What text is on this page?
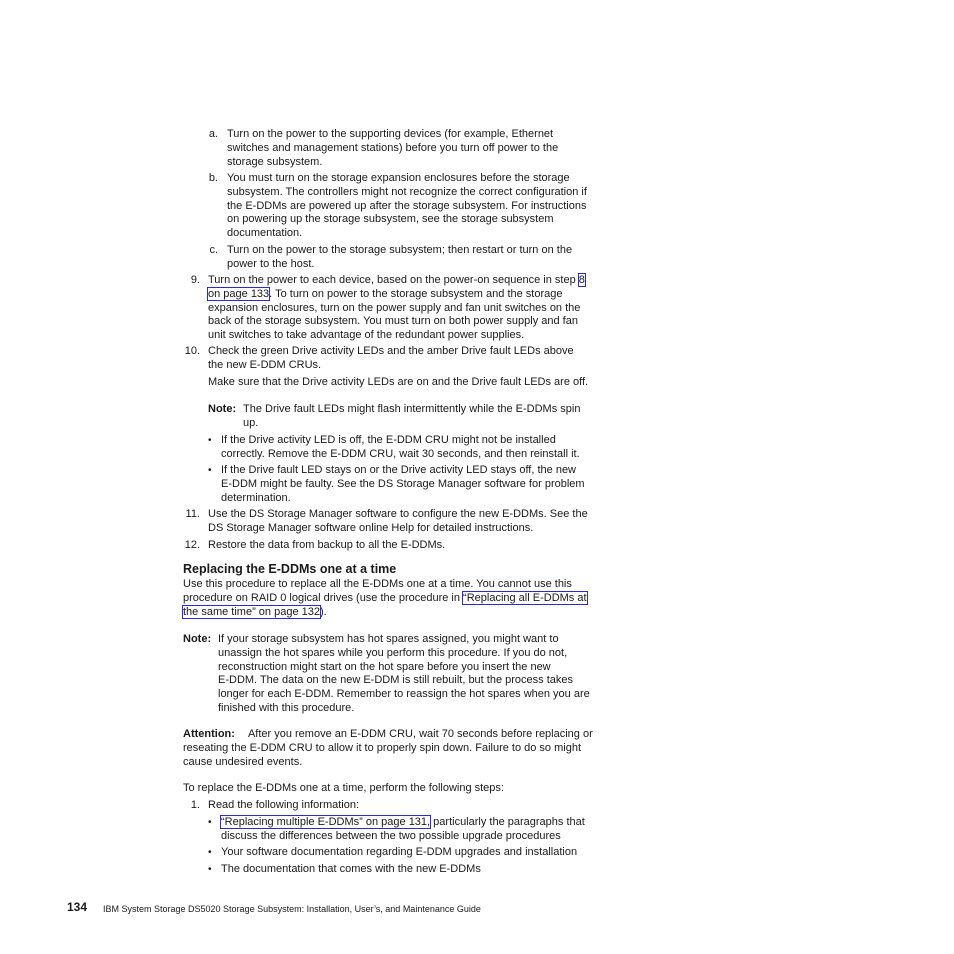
a. Turn on the power to the supporting devices (for example, Ethernet
switches and management stations) before you turn off power to the
storage subsystem.
b. You must turn on the storage expansion enclosures before the storage
subsystem. The controllers might not recognize the correct configuration if
the E-DDMs are powered up after the storage subsystem. For instructions
on powering up the storage subsystem, see the storage subsystem
documentation.
c. Turn on the power to the storage subsystem; then restart or turn on the
power to the host.
9. Turn on the power to each device, based on the power-on sequence in step 8
on page 133. To turn on power to the storage subsystem and the storage
expansion enclosures, turn on the power supply and fan unit switches on the
back of the storage subsystem. You must turn on both power supply and fan
unit switches to take advantage of the redundant power supplies.
10. Check the green Drive activity LEDs and the amber Drive fault LEDs above
the new E-DDM CRUs.
Make sure that the Drive activity LEDs are on and the Drive fault LEDs are off.
Note: The Drive fault LEDs might flash intermittently while the E-DDMs spin
up.
• If the Drive activity LED is off, the E-DDM CRU might not be installed
correctly. Remove the E-DDM CRU, wait 30 seconds, and then reinstall it.
• If the Drive fault LED stays on or the Drive activity LED stays off, the new
E-DDM might be faulty. See the DS Storage Manager software for problem
determination.
11. Use the DS Storage Manager software to configure the new E-DDMs. See the
DS Storage Manager software online Help for detailed instructions.
12. Restore the data from backup to all the E-DDMs.
Replacing the E-DDMs one at a time
Use this procedure to replace all the E-DDMs one at a time. You cannot use this
procedure on RAID 0 logical drives (use the procedure in “Replacing all E-DDMs at
the same time” on page 132).
Note: If your storage subsystem has hot spares assigned, you might want to
unassign the hot spares while you perform this procedure. If you do not,
reconstruction might start on the hot spare before you insert the new
E-DDM. The data on the new E-DDM is still rebuilt, but the process takes
longer for each E-DDM. Remember to reassign the hot spares when you are
finished with this procedure.
Attention: After you remove an E-DDM CRU, wait 70 seconds before replacing or
reseating the E-DDM CRU to allow it to properly spin down. Failure to do so might
cause undesired events.
To replace the E-DDMs one at a time, perform the following steps:
1. Read the following information:
• “Replacing multiple E-DDMs” on page 131, particularly the paragraphs that
discuss the differences between the two possible upgrade procedures
• Your software documentation regarding E-DDM upgrades and installation
• The documentation that comes with the new E-DDMs
134 IBM System Storage DS5020 Storage Subsystem: Installation, User’s, and Maintenance Guide
